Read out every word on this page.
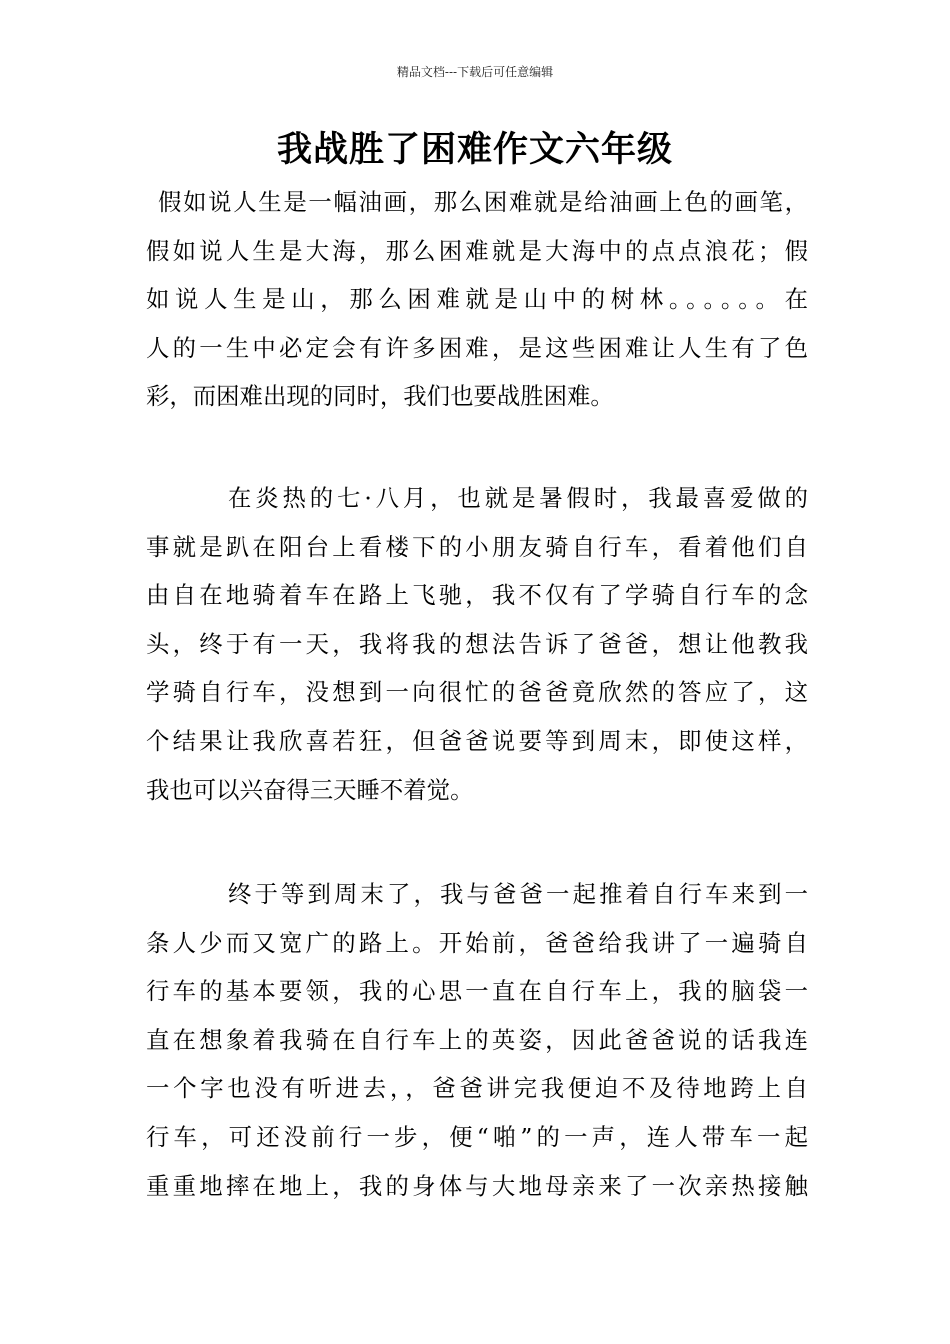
精品文档---下载后可任意编辑
我战胜了困难作文六年级
假如说人生是一幅油画，那么困难就是给油画上色的画笔，
假如说人生是大海，那么困难就是大海中的点点浪花；假
如说人生是山，那么困难就是山中的树林。。。。。。在
人的一生中必定会有许多困难，是这些困难让人生有了色
彩，而困难出现的同时，我们也要战胜困难。
在炎热的七·八月，也就是暑假时，我最喜爱做的
事就是趴在阳台上看楼下的小朋友骑自行车，看着他们自
由自在地骑着车在路上飞驰，我不仅有了学骑自行车的念
头，终于有一天，我将我的想法告诉了爸爸，想让他教我
学骑自行车，没想到一向很忙的爸爸竟欣然的答应了，这
个结果让我欣喜若狂，但爸爸说要等到周末，即使这样，
我也可以兴奋得三天睡不着觉。
终于等到周末了，我与爸爸一起推着自行车来到一
条人少而又宽广的路上。开始前，爸爸给我讲了一遍骑自
行车的基本要领，我的心思一直在自行车上，我的脑袋一
直在想象着我骑在自行车上的英姿，因此爸爸说的话我连
一个字也没有听进去，，爸爸讲完我便迫不及待地跨上自
行车，可还没前行一步，便“啪”的一声，连人带车一起
重重地摔在地上，我的身体与大地母亲来了一次亲热接触
